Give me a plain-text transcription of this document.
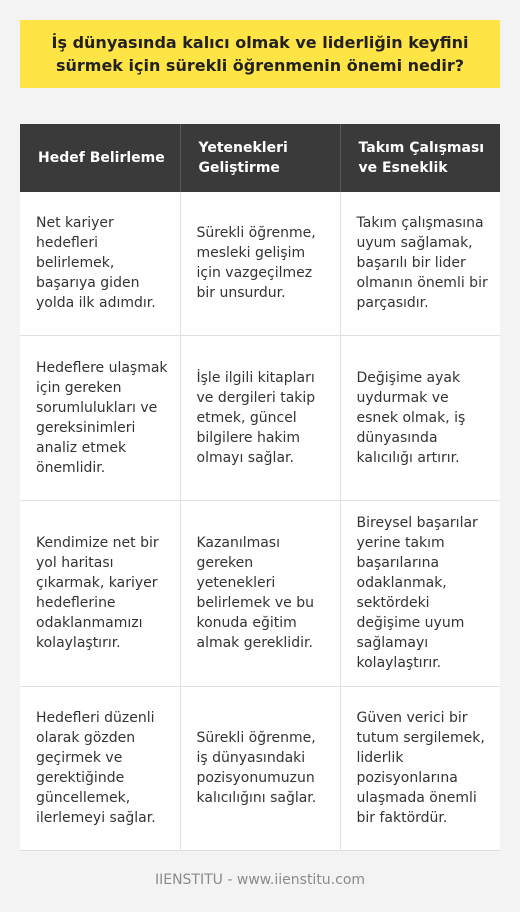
İş dünyasında kalıcı olmak ve liderliğin keyfini sürmek için sürekli öğrenmenin önemi nedir?
Hedef Belirleme	Yetenekleri Geliştirme	Takım Çalışması ve Esneklik
Net kariyer hedefleri belirlemek, başarıya giden yolda ilk adımdır.	Sürekli öğrenme, mesleki gelişim için vazgeçilmez bir unsurdur.	Takım çalışmasına uyum sağlamak, başarılı bir lider olmanın önemli bir parçasıdır.
Hedeflere ulaşmak için gereken sorumlulukları ve gereksinimleri analiz etmek önemlidir.	İşle ilgili kitapları ve dergileri takip etmek, güncel bilgilere hakim olmayı sağlar.	Değişime ayak uydurmak ve esnek olmak, iş dünyasında kalıcılığı artırır.
Kendimize net bir yol haritası çıkarmak, kariyer hedeflerine odaklanmamızı kolaylaştırır.	Kazanılması gereken yetenekleri belirlemek ve bu konuda eğitim almak gereklidir.	Bireysel başarılar yerine takım başarılarına odaklanmak, sektördeki değişime uyum sağlamayı kolaylaştırır.
Hedefleri düzenli olarak gözden geçirmek ve gerektiğinde güncellemek, ilerlemeyi sağlar.	Sürekli öğrenme, iş dünyasındaki pozisyonumuzun kalıcılığını sağlar.	Güven verici bir tutum sergilemek, liderlik pozisyonlarına ulaşmada önemli bir faktördür.
IIENSTITU - www.iienstitu.com
